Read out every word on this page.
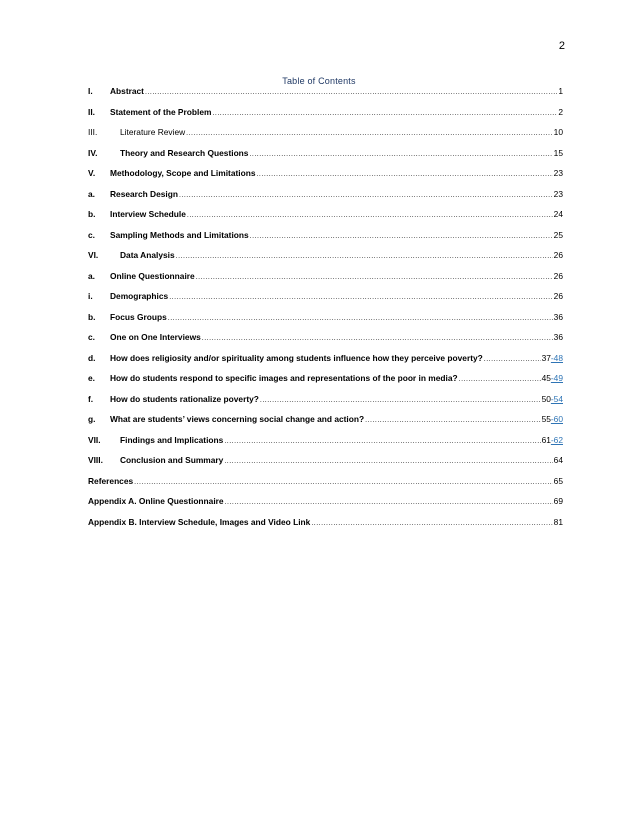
2
Table of Contents
I.	Abstract .....	1
II.	Statement of the Problem .....	2
III.	Literature Review .....	10
IV.	Theory and Research Questions .....	15
V.	Methodology, Scope and Limitations .....	23
a.	Research Design .....	23
b.	Interview Schedule .....	24
c.	Sampling Methods and Limitations .....	25
VI.	Data Analysis .....	26
a.	Online Questionnaire .....	26
i.	Demographics .....	26
b.	Focus Groups .....	36
c.	One on One Interviews .....	36
d.	How does religiosity and/or spirituality among students influence how they perceive poverty? .....	37 -48
e.	How do students respond to specific images and representations of the poor in media? .....	45 -49
f.	How do students rationalize poverty? .....	50 -54
g.	What are students’ views concerning social change and action? .....	55 -60
VII.	Findings and Implications .....	61 -62
VIII.	Conclusion and Summary .....	64
References .....	65
Appendix A. Online Questionnaire .....	69
Appendix B. Interview Schedule, Images and Video Link .....	81
